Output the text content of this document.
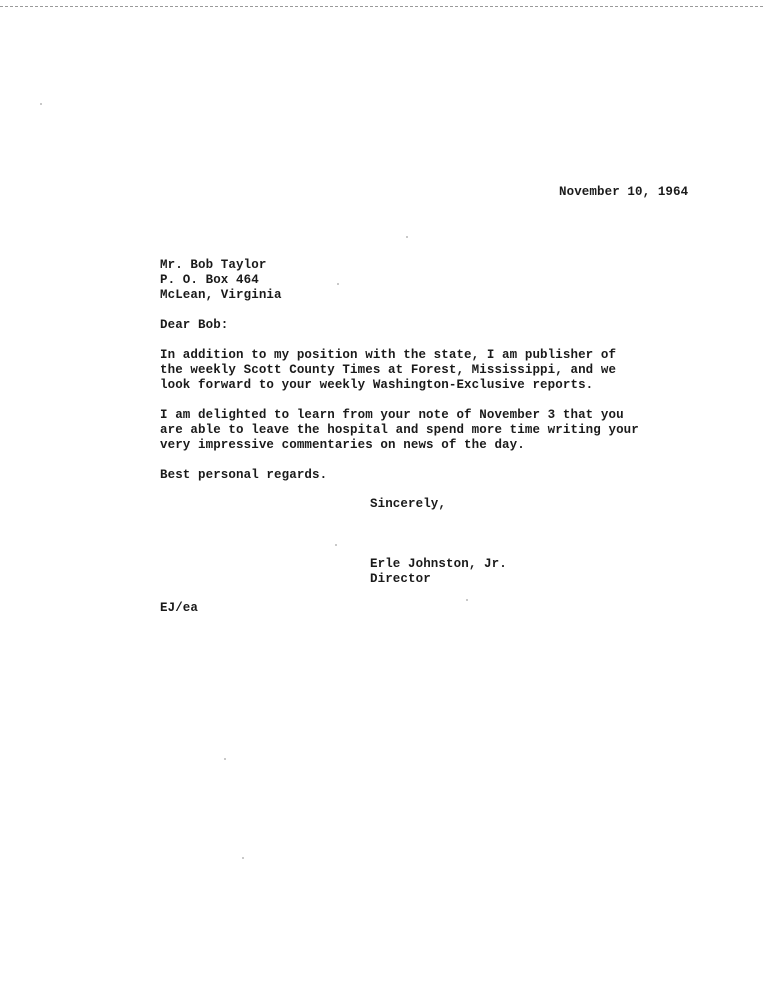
November 10, 1964
Mr. Bob Taylor
P. O. Box 464
McLean, Virginia
Dear Bob:
In addition to my position with the state, I am publisher of
the weekly Scott County Times at Forest, Mississippi, and we
look forward to your weekly Washington-Exclusive reports.
I am delighted to learn from your note of November 3 that you
are able to leave the hospital and spend more time writing your
very impressive commentaries on news of the day.
Best personal regards.
Sincerely,
Erle Johnston, Jr.
Director
EJ/ea
